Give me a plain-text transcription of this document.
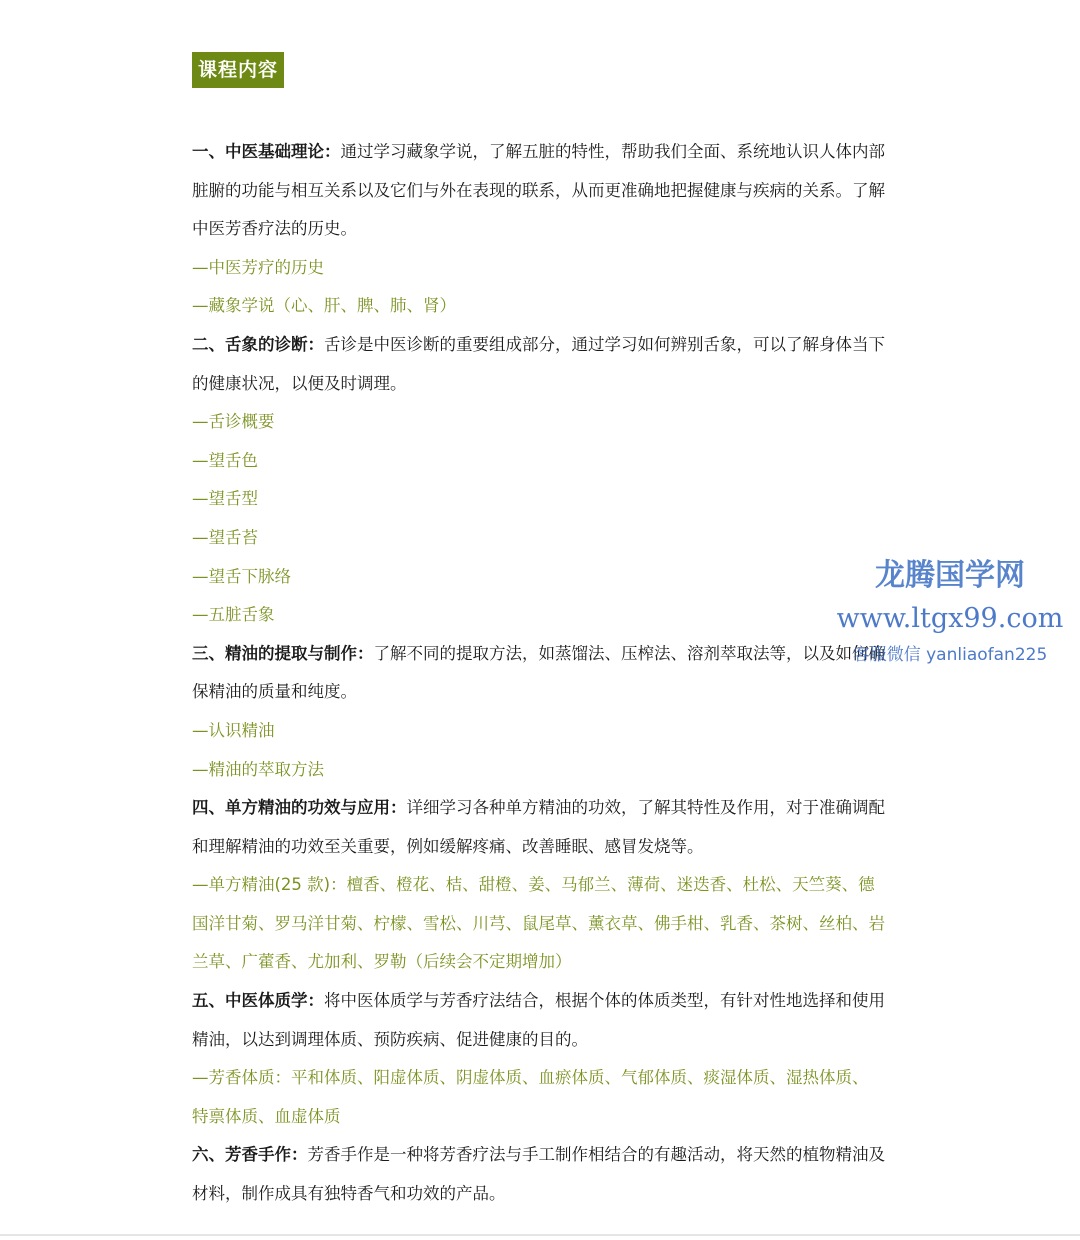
课程内容
一、中医基础理论：通过学习藏象学说，了解五脏的特性，帮助我们全面、系统地认识人体内部
脏腑的功能与相互关系以及它们与外在表现的联系，从而更准确地把握健康与疾病的关系。了解
中医芳香疗法的历史。
—中医芳疗的历史
—藏象学说（心、肝、脾、肺、肾）
二、舌象的诊断：舌诊是中医诊断的重要组成部分，通过学习如何辨别舌象，可以了解身体当下
的健康状况，以便及时调理。
—舌诊概要
—望舌色
—望舌型
—望舌苔
—望舌下脉络
—五脏舌象
三、精油的提取与制作：了解不同的提取方法，如蒸馏法、压榨法、溶剂萃取法等，以及如何确
保精油的质量和纯度。
—认识精油
—精油的萃取方法
四、单方精油的功效与应用：详细学习各种单方精油的功效，了解其特性及作用，对于准确调配
和理解精油的功效至关重要，例如缓解疼痛、改善睡眠、感冒发烧等。
—单方精油(25 款)：檀香、橙花、桔、甜橙、姜、马郁兰、薄荷、迷迭香、杜松、天竺葵、德
国洋甘菊、罗马洋甘菊、柠檬、雪松、川芎、鼠尾草、薰衣草、佛手柑、乳香、茶树、丝柏、岩
兰草、广藿香、尤加利、罗勒（后续会不定期增加）
五、中医体质学：将中医体质学与芳香疗法结合，根据个体的体质类型，有针对性地选择和使用
精油，以达到调理体质、预防疾病、促进健康的目的。
—芳香体质：平和体质、阳虚体质、阴虚体质、血瘀体质、气郁体质、痰湿体质、湿热体质、
特禀体质、血虚体质
六、芳香手作：芳香手作是一种将芳香疗法与手工制作相结合的有趣活动，将天然的植物精油及
材料，制作成具有独特香气和功效的产品。
龙腾国学网
www.ltgx99.com
客服微信 yanliaofan225
